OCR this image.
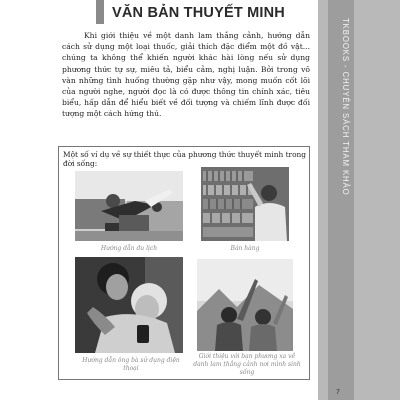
VĂN BẢN THUYẾT MINH
Khi giới thiệu về một danh lam thắng cảnh, hướng dẫn cách sử dụng một loại thuốc, giải thích đặc điểm một đồ vật... chúng ta không thể khiến người khác hài lòng nếu sử dụng phương thức tự sự, miêu tả, biểu cảm, nghị luận. Bởi trong vô vàn những tình huống thường gặp như vậy, mong muốn cốt lõi của người nghe, người đọc là có được thông tin chính xác, tiêu biểu, hấp dẫn để hiểu biết về đối tượng và chiếm lĩnh được đối tượng một cách hứng thú.
Một số ví dụ về sự thiết thực của phương thức thuyết minh trong đời sống:
Hướng dẫn du lịch	Bán hàng
Hướng dẫn ông bà sử dụng điện thoại
Giới thiệu với bạn phương xa về danh lam thắng cảnh nơi mình sinh sống
TKBOOKS - CHUYÊN SÁCH THAM KHẢO
7
